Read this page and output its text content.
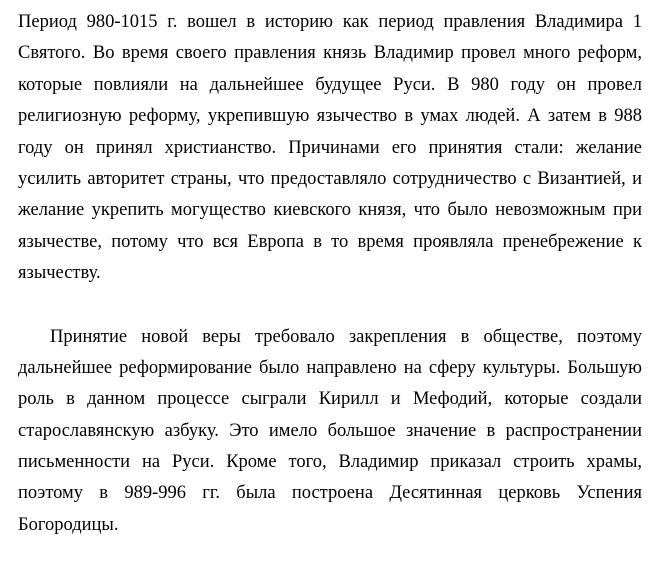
Период 980-1015 г. вошел в историю как период правления Владимира 1
Святого. Во время своего правления князь Владимир провел много реформ,
которые повлияли на дальнейшее будущее Руси. В 980 году он провел
религиозную реформу, укрепившую язычество в умах людей. А затем в 988
году он принял христианство. Причинами его принятия стали: желание
усилить авторитет страны, что предоставляло сотрудничество с Византией, и
желание укрепить могущество киевского князя, что было невозможным при
язычестве, потому что вся Европа в то время проявляла пренебрежение к
язычеству.
Принятие новой веры требовало закрепления в обществе, поэтому
дальнейшее реформирование было направлено на сферу культуры. Большую
роль в данном процессе сыграли Кирилл и Мефодий, которые создали
старославянскую азбуку. Это имело большое значение в распространении
письменности на Руси. Кроме того, Владимир приказал строить храмы,
поэтому в 989-996 гг. была построена Десятинная церковь Успения
Богородицы.
